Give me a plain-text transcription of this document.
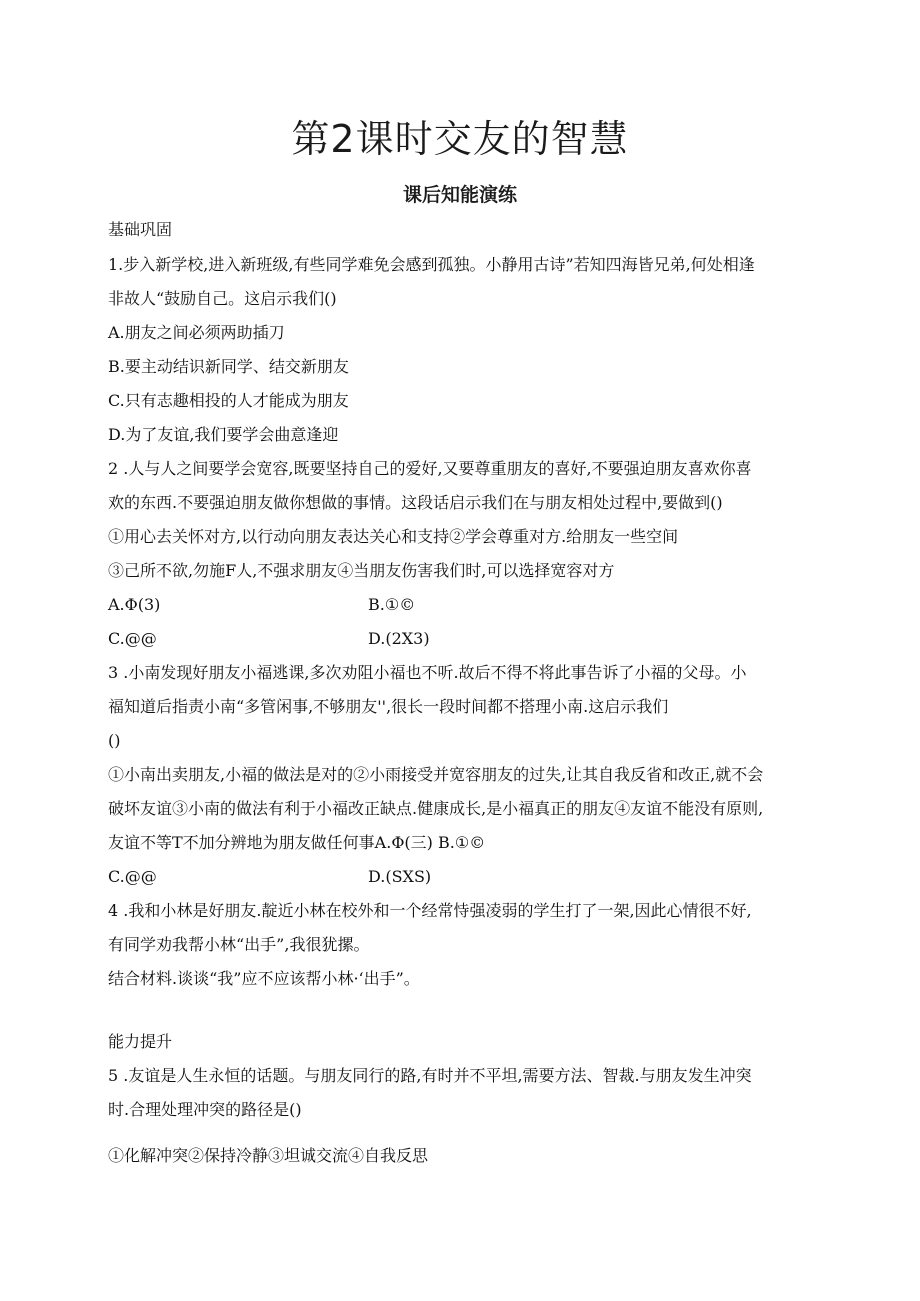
第2课时交友的智慧
课后知能演练
基础巩固
1.步入新学校,进入新班级,有些同学难免会感到孤独。小静用古诗”若知四海皆兄弟,何处相逢
非故人“鼓励自己。这启示我们()
A.朋友之间必须两助插刀
B.要主动结识新同学、结交新朋友
C.只有志趣相投的人才能成为朋友
D.为了友谊,我们要学会曲意逢迎
2 .人与人之间要学会宽容,既要坚持自己的爱好,又要尊重朋友的喜好,不要强迫朋友喜欢你喜
欢的东西.不要强迫朋友做你想做的事情。这段话启示我们在与朋友相处过程中,要做到()
①用心去关怀对方,以行动向朋友表达关心和支持②学会尊重对方.给朋友一些空间
③己所不欲,勿施F人,不强求朋友④当朋友伤害我们时,可以选择宽容对方
A.Φ(3)	B.①©
C.@@	D.(2X3)
3 .小南发现好朋友小福逃课,多次劝阻小福也不听.故后不得不将此事告诉了小福的父母。小
福知道后指责小南“多管闲事,不够朋友'',很长一段时间都不搭理小南.这启示我们
()
①小南出卖朋友,小福的做法是对的②小雨接受并宽容朋友的过失,让其自我反省和改正,就不会
破坏友谊③小南的做法有利于小福改正缺点.健康成长,是小福真正的朋友④友谊不能没有原则,
友谊不等T不加分辨地为朋友做任何事A.Φ(三) B.①©
C.@@	D.(SXS)
4 .我和小林是好朋友.靛近小林在校外和一个经常恃强凌弱的学生打了一架,因此心情很不好,
有同学劝我帮小林“出手”,我很犹摞。
结合材料.谈谈“我”应不应该帮小林·‘出手”。
能力提升
5 .友谊是人生永恒的话题。与朋友同行的路,有时并不平坦,需要方法、智裁.与朋友发生冲突
时.合理处理冲突的路径是()
①化解冲突②保持冷静③坦诚交流④自我反思
